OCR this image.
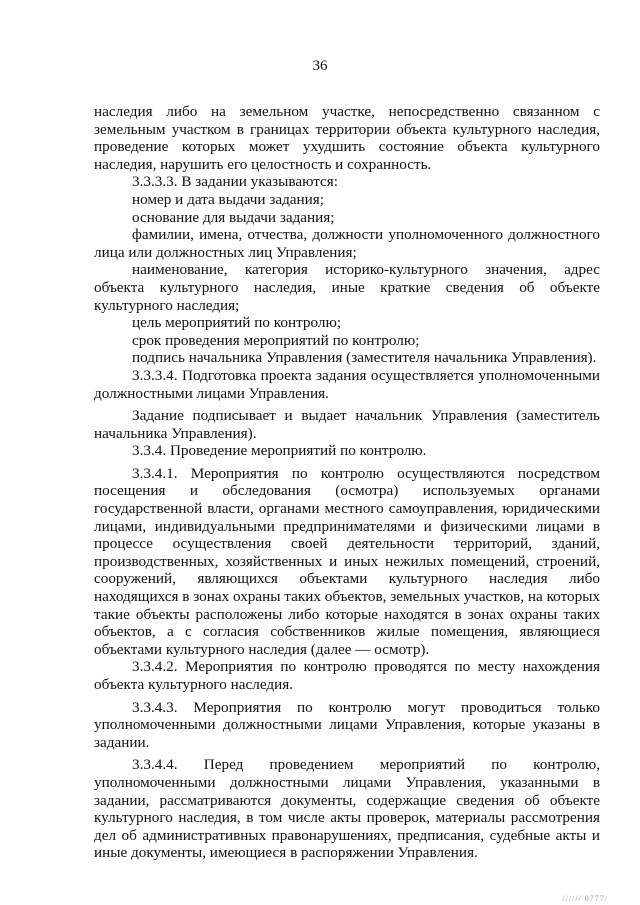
36

наследия либо на земельном участке, непосредственно связанном с земельным участком в границах территории объекта культурного наследия, проведение которых может ухудшить состояние объекта культурного наследия, нарушить его целостность и сохранность.

3.3.3.3. В задании указываются:

номер и дата выдачи задания;

основание для выдачи задания;

фамилии, имена, отчества, должности уполномоченного должностного лица или должностных лиц Управления;

наименование, категория историко-культурного значения, адрес объекта культурного наследия, иные краткие сведения об объекте культурного наследия;

цель мероприятий по контролю;

срок проведения мероприятий по контролю;

подпись начальника Управления (заместителя начальника Управления).

3.3.3.4. Подготовка проекта задания осуществляется уполномоченными должностными лицами Управления.

Задание подписывает и выдает начальник Управления (заместитель начальника Управления).

3.3.4. Проведение мероприятий по контролю.

3.3.4.1. Мероприятия по контролю осуществляются посредством посещения и обследования (осмотра) используемых органами государственной власти, органами местного самоуправления, юридическими лицами, индивидуальными предпринимателями и физическими лицами в процессе осуществления своей деятельности территорий, зданий, производственных, хозяйственных и иных нежилых помещений, строений, сооружений, являющихся объектами культурного наследия либо находящихся в зонах охраны таких объектов, земельных участков, на которых такие объекты расположены либо которые находятся в зонах охраны таких объектов, а с согласия собственников жилые помещения, являющиеся объектами культурного наследия (далее — осмотр).

3.3.4.2. Мероприятия по контролю проводятся по месту нахождения объекта культурного наследия.

3.3.4.3. Мероприятия по контролю могут проводиться только уполномоченными должностными лицами Управления, которые указаны в задании.

3.3.4.4. Перед проведением мероприятий по контролю, уполномоченными должностными лицами Управления, указанными в задании, рассматриваются документы, содержащие сведения об объекте культурного наследия, в том числе акты проверок, материалы рассмотрения дел об административных правонарушениях, предписания, судебные акты и иные документы, имеющиеся в распоряжении Управления.

////// 0777/
